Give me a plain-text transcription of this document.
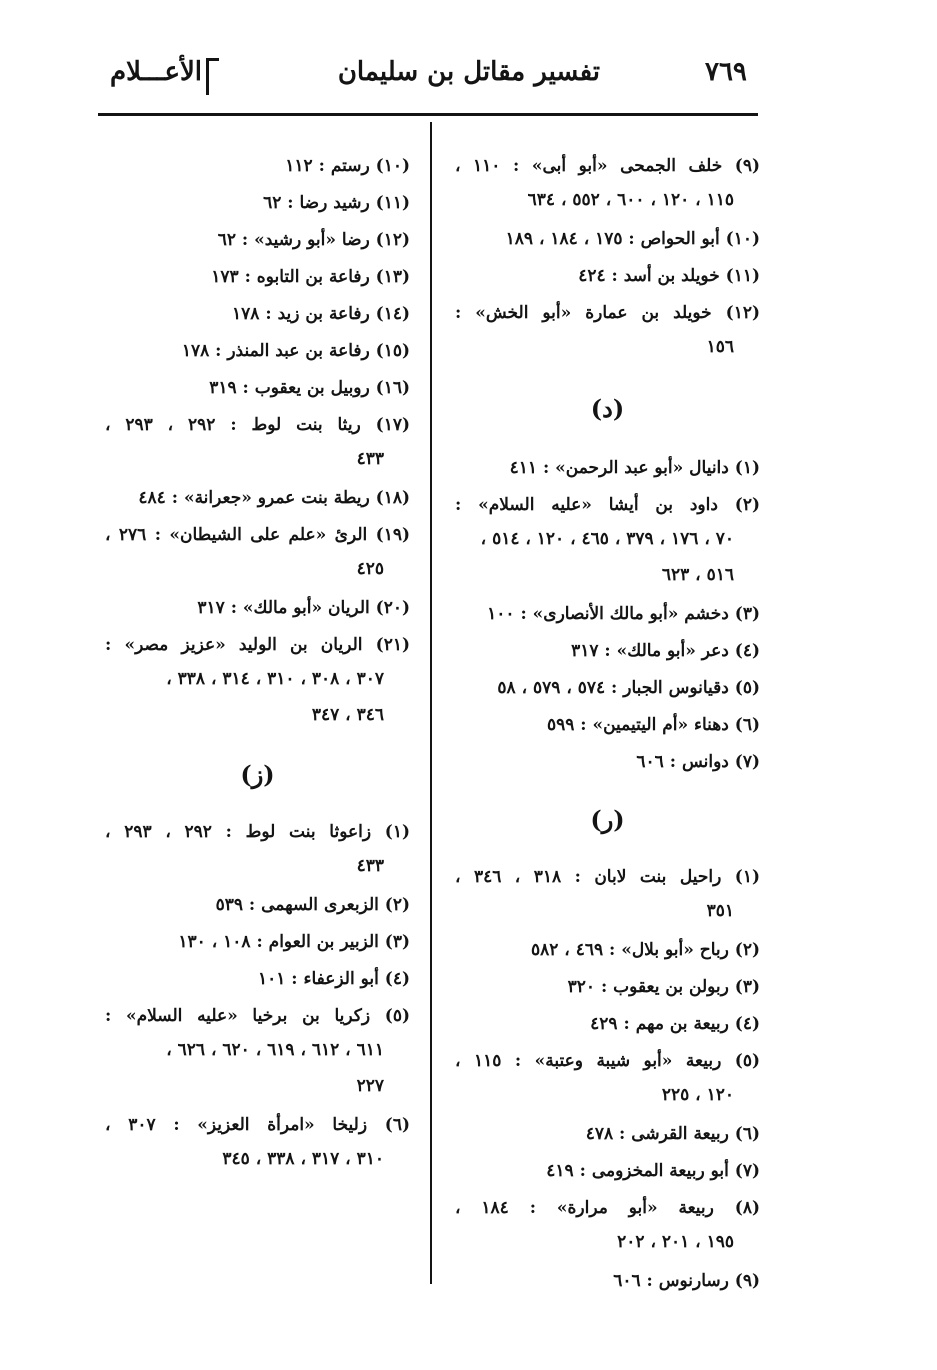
٧٦٩
تفسير مقاتل بن سليمان
الأعـــلام
(٩) خلف الجمحى «أبو أبى» : ١١٠ ،
١١٥ ، ١٢٠ ، ٦٠٠ ، ٥٥٢ ، ٦٣٤
(١٠) أبو الحواص : ١٧٥ ، ١٨٤ ، ١٨٩
(١١) خويلد بن أسد : ٤٢٤
(١٢) خويلد بن عمارة «أبو الخش» :
١٥٦
(د)
(١) دانيال «أبو عبد الرحمن» : ٤١١
(٢) داود بن أيشا «عليه السلام» :
٧٠ ، ١٧٦ ، ٣٧٩ ، ٤٦٥ ، ١٢٠ ، ٥١٤ ،
٥١٦ ، ٦٢٣
(٣) دخشم «أبو مالك الأنصارى» : ١٠٠
(٤) دعر «أبو مالك» : ٣١٧
(٥) دقيانوس الجبار : ٥٧٤ ، ٥٧٩ ، ٥٨
(٦) دهناء «أم اليتيمين» : ٥٩٩
(٧) دوانس : ٦٠٦
(ر)
(١) راحيل بنت لابان : ٣١٨ ، ٣٤٦ ،
٣٥١
(٢) رباح «أبو بلال» : ٤٦٩ ، ٥٨٢
(٣) ربولن بن يعقوب : ٣٢٠
(٤) ربيعة بن مهم : ٤٢٩
(٥) ربيعة «أبو شيبة وعتبة» : ١١٥ ،
١٢٠ ، ٢٢٥
(٦) ربيعة القرشى : ٤٧٨
(٧) أبو ربيعة المخزومى : ٤١٩
(٨) ربيعة «أبو مرارة» : ١٨٤ ،
١٩٥ ، ٢٠١ ، ٢٠٢
(٩) رسارنوس : ٦٠٦
(١٠) رستم : ١١٢
(١١) رشيد رضا : ٦٢
(١٢) رضا «أبو رشيد» : ٦٢
(١٣) رفاعة بن التابوه : ١٧٣
(١٤) رفاعة بن زيد : ١٧٨
(١٥) رفاعة بن عبد المنذر : ١٧٨
(١٦) روبيل بن يعقوب : ٣١٩
(١٧) ريثا بنت لوط : ٢٩٢ ، ٢٩٣ ،
٤٣٣
(١٨) ريطة بنت عمرو «جعرانة» : ٤٨٤
(١٩) الرئ «علم على الشيطان» : ٢٧٦ ،
٤٢٥
(٢٠) الريان «أبو مالك» : ٣١٧
(٢١) الريان بن الوليد «عزيز مصر» :
٣٠٧ ، ٣٠٨ ، ٣١٠ ، ٣١٤ ، ٣٣٨ ،
٣٤٦ ، ٣٤٧
(ز)
(١) زاعوثا بنت لوط : ٢٩٢ ، ٢٩٣ ،
٤٣٣
(٢) الزبعرى السهمى : ٥٣٩
(٣) الزبير بن العوام : ١٠٨ ، ١٣٠
(٤) أبو الزعفاء : ١٠١
(٥) زكريا بن برخيا «عليه السلام» :
٦١١ ، ٦١٢ ، ٦١٩ ، ٦٢٠ ، ٦٢٦ ،
٢٢٧
(٦) زليخا «امرأة العزيز» : ٣٠٧ ،
٣١٠ ، ٣١٧ ، ٣٣٨ ، ٣٤٥
